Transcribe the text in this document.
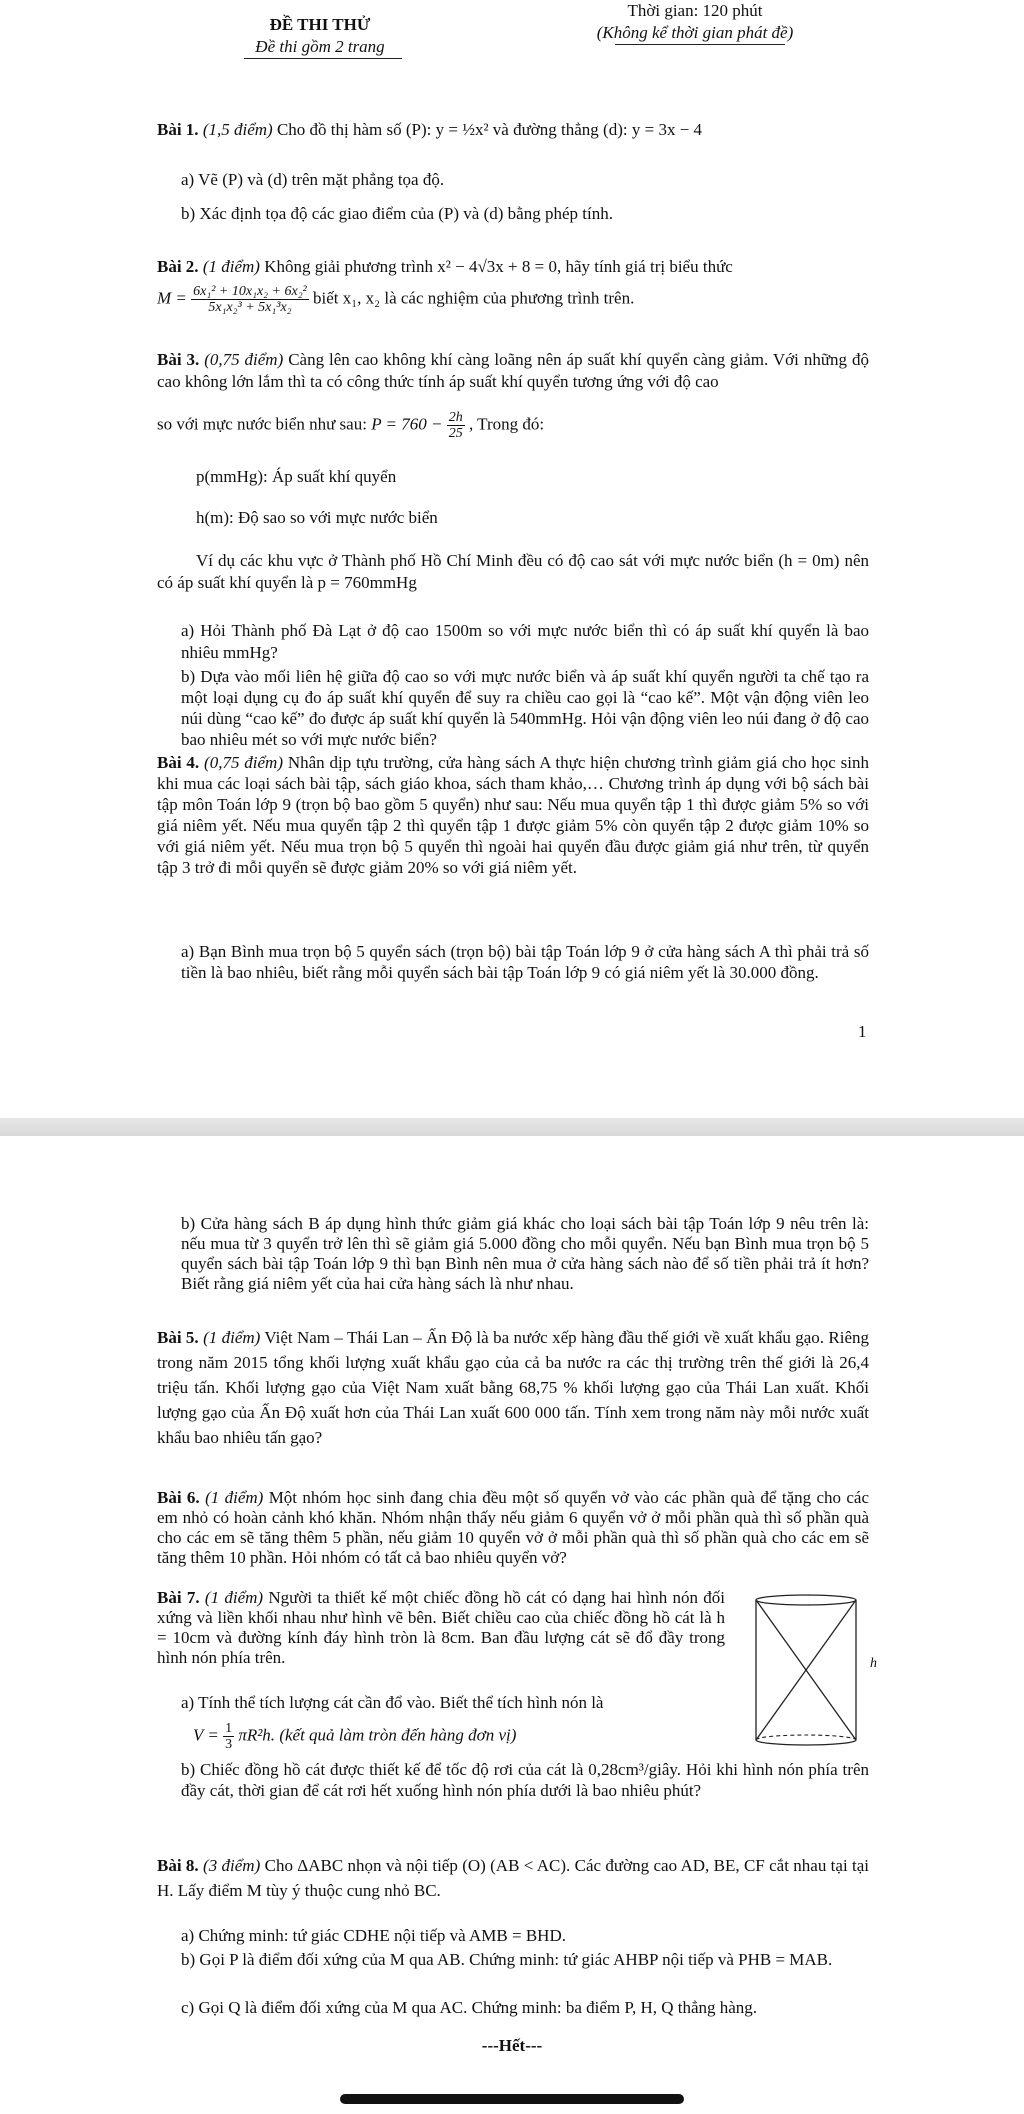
ĐỀ THI THỬ
Đề thi gồm 2 trang
Thời gian: 120 phút
(Không kể thời gian phát đề)
Bài 1. (1,5 điểm) Cho đồ thị hàm số (P): y = ½x² và đường thẳng (d): y = 3x − 4
a) Vẽ (P) và (d) trên mặt phẳng tọa độ.
b) Xác định tọa độ các giao điểm của (P) và (d) bằng phép tính.
Bài 2. (1 điểm) Không giải phương trình x² − 4√3x + 8 = 0, hãy tính giá trị biểu thức
$M = \frac{\text{6x₁² + 10x₁x₂ + 6x₂²}}{\text{5x₁x₂³ + 5x₁³x₂}}$ biết x₁, x₂ là các nghiệm của phương trình trên.
Bài 3. (0,75 điểm) Càng lên cao không khí càng loãng nên áp suất khí quyển càng giảm. Với những độ cao không lớn lắm thì ta có công thức tính áp suất khí quyển tương ứng với độ cao
so với mực nước biển như sau: $P = 760 - \frac{2h}{25}$ , Trong đó:
p(mmHg): Áp suất khí quyển
h(m): Độ sao so với mực nước biển
Ví dụ các khu vực ở Thành phố Hồ Chí Minh đều có độ cao sát với mực nước biển (h = 0m) nên có áp suất khí quyển là p = 760mmHg
a) Hỏi Thành phố Đà Lạt ở độ cao 1500m so với mực nước biển thì có áp suất khí quyển là bao nhiêu mmHg?
b) Dựa vào mối liên hệ giữa độ cao so với mực nước biển và áp suất khí quyển người ta chế tạo ra một loại dụng cụ đo áp suất khí quyển để suy ra chiều cao gọi là “cao kế”. Một vận động viên leo núi dùng “cao kế” đo được áp suất khí quyển là 540mmHg. Hỏi vận động viên leo núi đang ở độ cao bao nhiêu mét so với mực nước biển?
Bài 4. (0,75 điểm) Nhân dịp tựu trường, cửa hàng sách A thực hiện chương trình giảm giá cho học sinh khi mua các loại sách bài tập, sách giáo khoa, sách tham khảo,… Chương trình áp dụng với bộ sách bài tập môn Toán lớp 9 (trọn bộ bao gồm 5 quyển) như sau: Nếu mua quyển tập 1 thì được giảm 5% so với giá niêm yết. Nếu mua quyển tập 2 thì quyển tập 1 được giảm 5% còn quyển tập 2 được giảm 10% so với giá niêm yết. Nếu mua trọn bộ 5 quyển thì ngoài hai quyển đầu được giảm giá như trên, từ quyển tập 3 trở đi mỗi quyển sẽ được giảm 20% so với giá niêm yết.
a) Bạn Bình mua trọn bộ 5 quyển sách (trọn bộ) bài tập Toán lớp 9 ở cửa hàng sách A thì phải trả số tiền là bao nhiêu, biết rằng mỗi quyển sách bài tập Toán lớp 9 có giá niêm yết là 30.000 đồng.
1
b) Cửa hàng sách B áp dụng hình thức giảm giá khác cho loại sách bài tập Toán lớp 9 nêu trên là: nếu mua từ 3 quyển trở lên thì sẽ giảm giá 5.000 đồng cho mỗi quyển. Nếu bạn Bình mua trọn bộ 5 quyển sách bài tập Toán lớp 9 thì bạn Bình nên mua ở cửa hàng sách nào để số tiền phải trả ít hơn? Biết rằng giá niêm yết của hai cửa hàng sách là như nhau.
Bài 5. (1 điểm) Việt Nam – Thái Lan – Ấn Độ là ba nước xếp hàng đầu thế giới về xuất khẩu gạo. Riêng trong năm 2015 tổng khối lượng xuất khẩu gạo của cả ba nước ra các thị trường trên thế giới là 26,4 triệu tấn. Khối lượng gạo của Việt Nam xuất bằng 68,75 % khối lượng gạo của Thái Lan xuất. Khối lượng gạo của Ấn Độ xuất hơn của Thái Lan xuất 600 000 tấn. Tính xem trong năm này mỗi nước xuất khẩu bao nhiêu tấn gạo?
Bài 6. (1 điểm) Một nhóm học sinh đang chia đều một số quyển vở vào các phần quà để tặng cho các em nhỏ có hoàn cảnh khó khăn. Nhóm nhận thấy nếu giảm 6 quyển vở ở mỗi phần quà thì số phần quà cho các em sẽ tăng thêm 5 phần, nếu giảm 10 quyển vở ở mỗi phần quà thì số phần quà cho các em sẽ tăng thêm 10 phần. Hỏi nhóm có tất cả bao nhiêu quyển vở?
Bài 7. (1 điểm) Người ta thiết kế một chiếc đồng hồ cát có dạng hai hình nón đối xứng và liền khối nhau như hình vẽ bên. Biết chiều cao của chiếc đồng hồ cát là h = 10cm và đường kính đáy hình tròn là 8cm. Ban đầu lượng cát sẽ đổ đầy trong hình nón phía trên.
a) Tính thể tích lượng cát cần đổ vào. Biết thể tích hình nón là
$V = \frac{1}{3} \pi R^2h$. (kết quả làm tròn đến hàng đơn vị)
b) Chiếc đồng hồ cát được thiết kế để tốc độ rơi của cát là 0,28cm³/giây. Hỏi khi hình nón phía trên đầy cát, thời gian để cát rơi hết xuống hình nón phía dưới là bao nhiêu phút?
Bài 8. (3 điểm) Cho ΔABC nhọn và nội tiếp (O) (AB < AC). Các đường cao AD, BE, CF cắt nhau tại tại H. Lấy điểm M tùy ý thuộc cung nhỏ BC.
a) Chứng minh: tứ giác CDHE nội tiếp và AMB = BHD.
b) Gọi P là điểm đối xứng của M qua AB. Chứng minh: tứ giác AHBP nội tiếp và PHB = MAB.
c) Gọi Q là điểm đối xứng của M qua AC. Chứng minh: ba điểm P, H, Q thẳng hàng.
---Hết---
h
